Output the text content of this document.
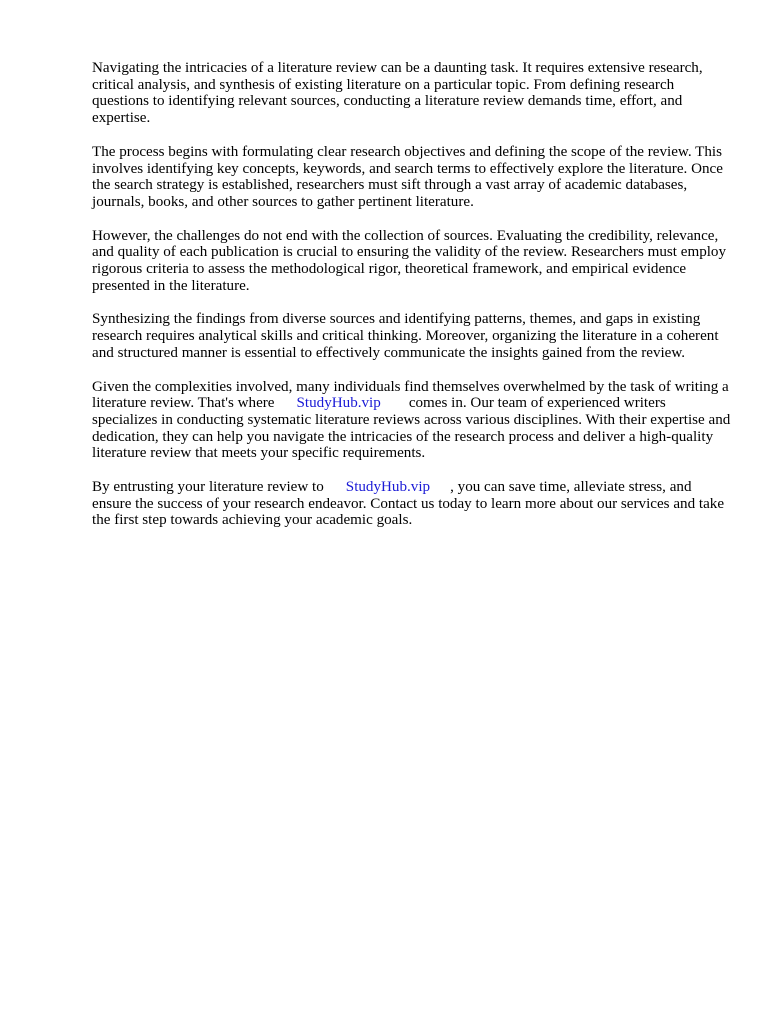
Navigating the intricacies of a literature review can be a daunting task. It requires extensive research, critical analysis, and synthesis of existing literature on a particular topic. From defining research questions to identifying relevant sources, conducting a literature review demands time, effort, and expertise.

The process begins with formulating clear research objectives and defining the scope of the review. This involves identifying key concepts, keywords, and search terms to effectively explore the literature. Once the search strategy is established, researchers must sift through a vast array of academic databases, journals, books, and other sources to gather pertinent literature.

However, the challenges do not end with the collection of sources. Evaluating the credibility, relevance, and quality of each publication is crucial to ensuring the validity of the review. Researchers must employ rigorous criteria to assess the methodological rigor, theoretical framework, and empirical evidence presented in the literature.

Synthesizing the findings from diverse sources and identifying patterns, themes, and gaps in existing research requires analytical skills and critical thinking. Moreover, organizing the literature in a coherent and structured manner is essential to effectively communicate the insights gained from the review.

Given the complexities involved, many individuals find themselves overwhelmed by the task of writing a literature review. That's where StudyHub.vip comes in. Our team of experienced writers specializes in conducting systematic literature reviews across various disciplines. With their expertise and dedication, they can help you navigate the intricacies of the research process and deliver a high-quality literature review that meets your specific requirements.

By entrusting your literature review to StudyHub.vip , you can save time, alleviate stress, and ensure the success of your research endeavor. Contact us today to learn more about our services and take the first step towards achieving your academic goals.
